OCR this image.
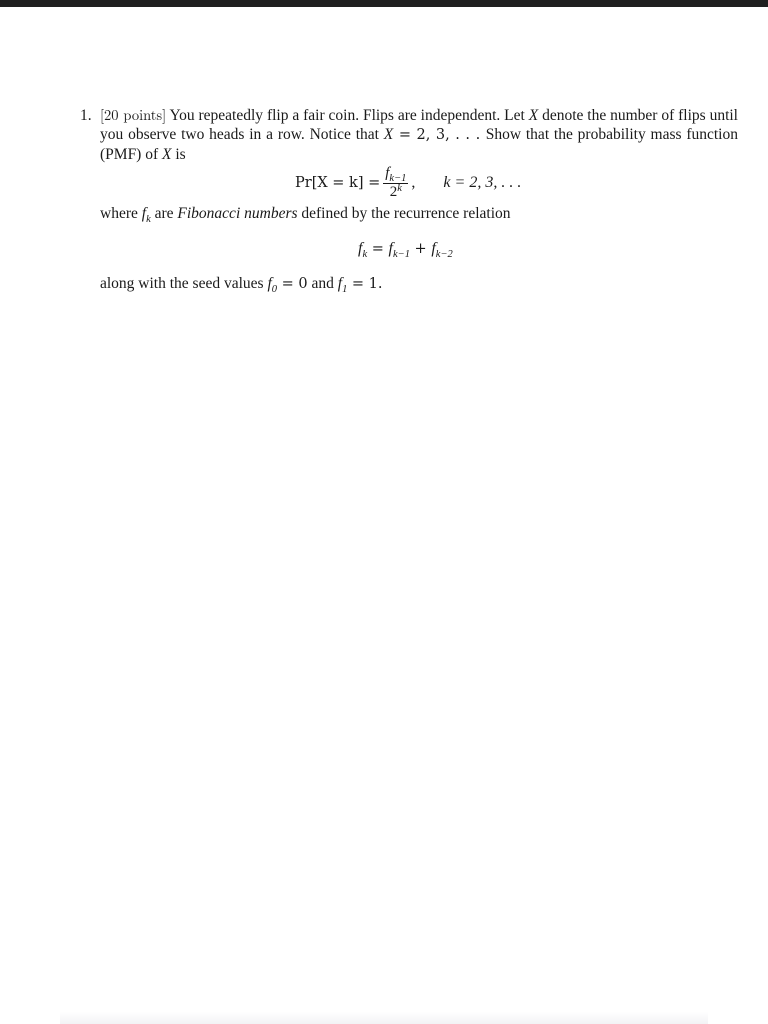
1. [20 points] You repeatedly flip a fair coin. Flips are independent. Let X denote the number of flips until you observe two heads in a row. Notice that X = 2, 3, . . . Show that the probability mass function (PMF) of X is
$Pr[X = k] = \frac{f_{k-1}}{2^k}$ , k = 2, 3, . . .
where $f_k$ are Fibonacci numbers defined by the recurrence relation
$f_k = f_{k-1} + f_{k-2}$
along with the seed values $f_0 = 0$ and $f_1 = 1$.
